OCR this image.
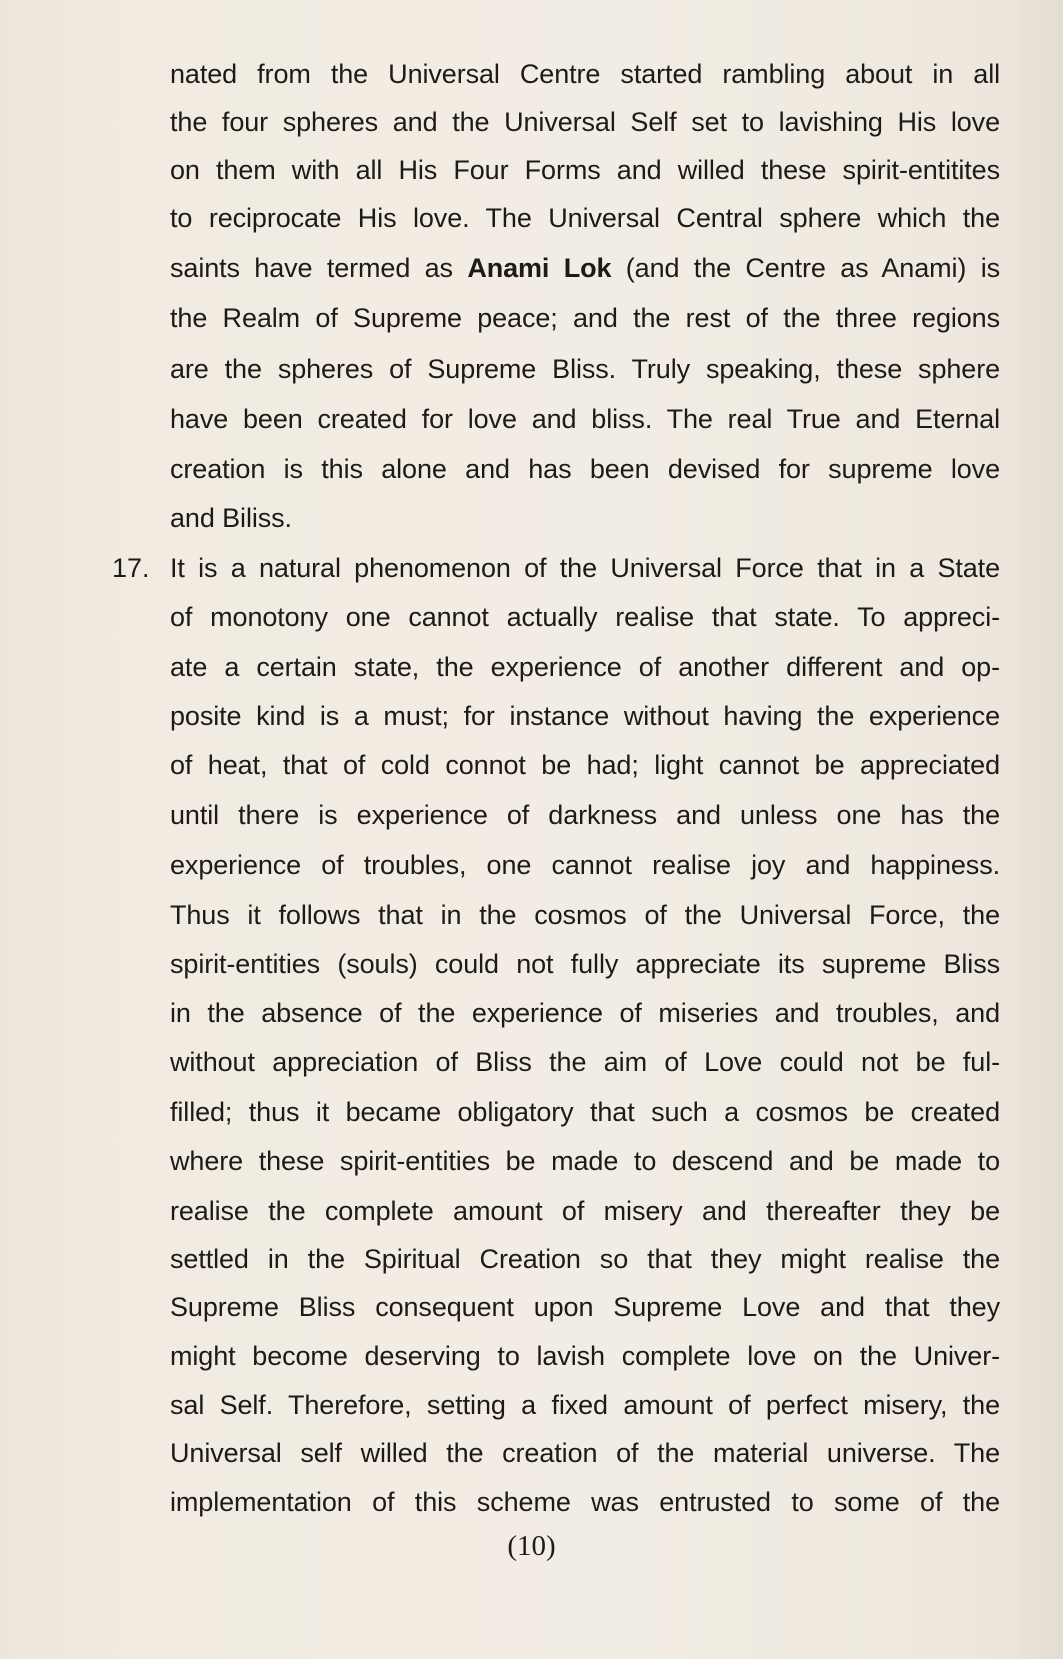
nated from the Universal Centre started rambling about in all
the four spheres and the Universal Self set to lavishing His love
on them with all His Four Forms and willed these spirit-entitites
to reciprocate His love. The Universal Central sphere which the
saints have termed as Anami Lok (and the Centre as Anami) is
the Realm of Supreme peace; and the rest of the three regions
are the spheres of Supreme Bliss. Truly speaking, these sphere
have been created for love and bliss. The real True and Eternal
creation is this alone and has been devised for supreme love
and Biliss.
17. It is a natural phenomenon of the Universal Force that in a State
of monotony one cannot actually realise that state. To appreci-
ate a certain state, the experience of another different and op-
posite kind is a must; for instance without having the experience
of heat, that of cold connot be had; light cannot be appreciated
until there is experience of darkness and unless one has the
experience of troubles, one cannot realise joy and happiness.
Thus it follows that in the cosmos of the Universal Force, the
spirit-entities (souls) could not fully appreciate its supreme Bliss
in the absence of the experience of miseries and troubles, and
without appreciation of Bliss the aim of Love could not be ful-
filled; thus it became obligatory that such a cosmos be created
where these spirit-entities be made to descend and be made to
realise the complete amount of misery and thereafter they be
settled in the Spiritual Creation so that they might realise the
Supreme Bliss consequent upon Supreme Love and that they
might become deserving to lavish complete love on the Univer-
sal Self. Therefore, setting a fixed amount of perfect misery, the
Universal self willed the creation of the material universe. The
implementation of this scheme was entrusted to some of the
(10)
